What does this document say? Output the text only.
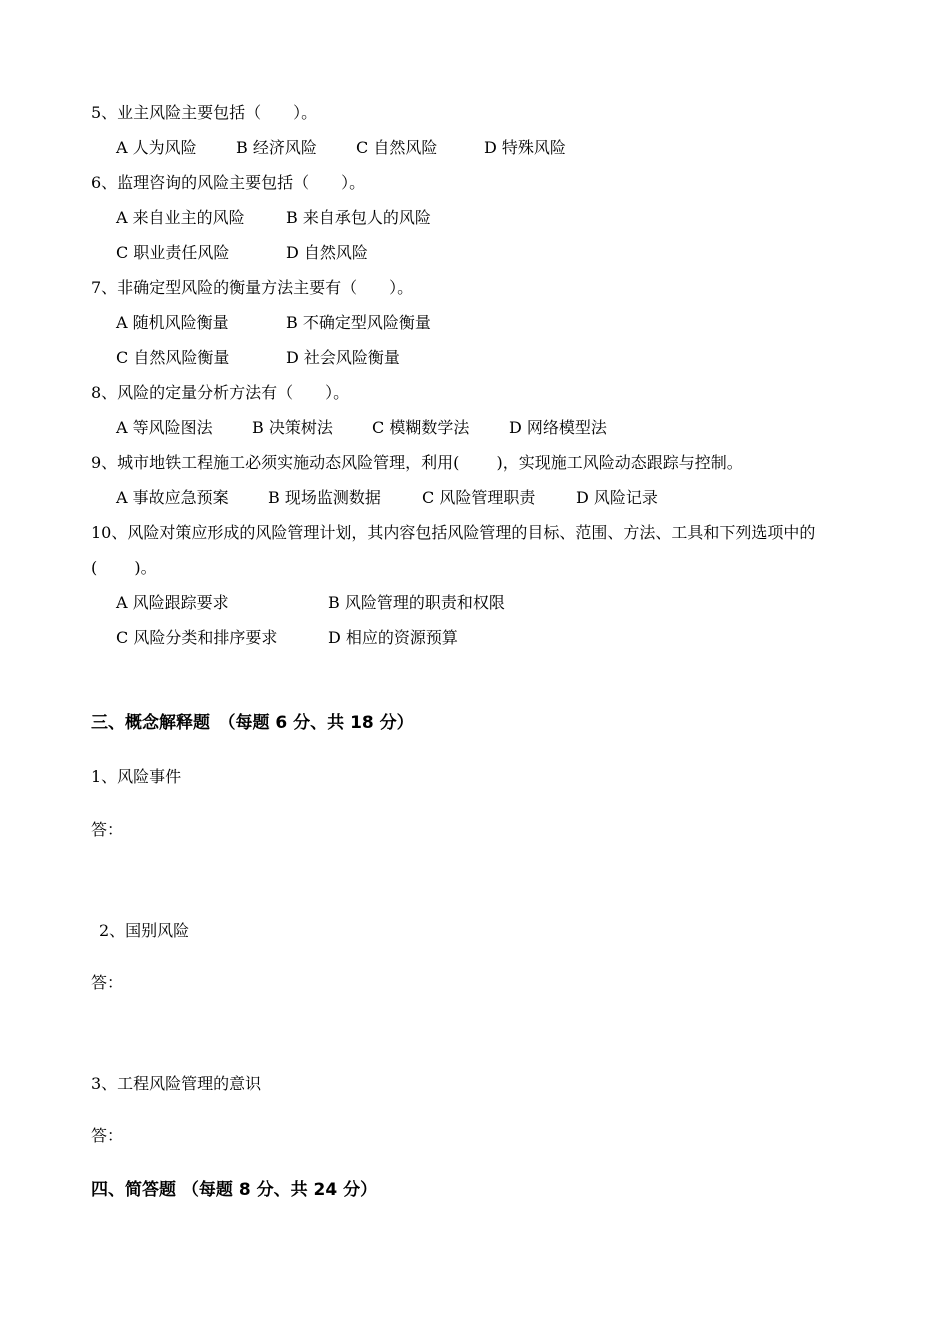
5、业主风险主要包括（　　）。
A 人为风险 B 经济风险 C 自然风险	D 特殊风险
6、监理咨询的风险主要包括（　　）。
A 来自业主的风险	B 来自承包人的风险
C 职业责任风险	D 自然风险
7、非确定型风险的衡量方法主要有（　　）。
A 随机风险衡量	B 不确定型风险衡量
C 自然风险衡量	D 社会风险衡量
8、风险的定量分析方法有（　　）。
A 等风险图法 B 决策树法 C 模糊数学法 D 网络模型法
9、城市地铁工程施工必须实施动态风险管理，利用(　　 )，实现施工风险动态跟踪与控制。
A 事故应急预案 B 现场监测数据	C 风险管理职责	D 风险记录
10、风险对策应形成的风险管理计划，其内容包括风险管理的目标、范围、方法、工具和下列选项中的
(　　 )。
A 风险跟踪要求	B 风险管理的职责和权限
C 风险分类和排序要求	D 相应的资源预算
三、概念解释题　（每题 6 分、共 18 分）
1、风险事件
答：
2、国别风险
答：
3、工程风险管理的意识
答：
四、简答题 （每题 8 分、共 24 分）
